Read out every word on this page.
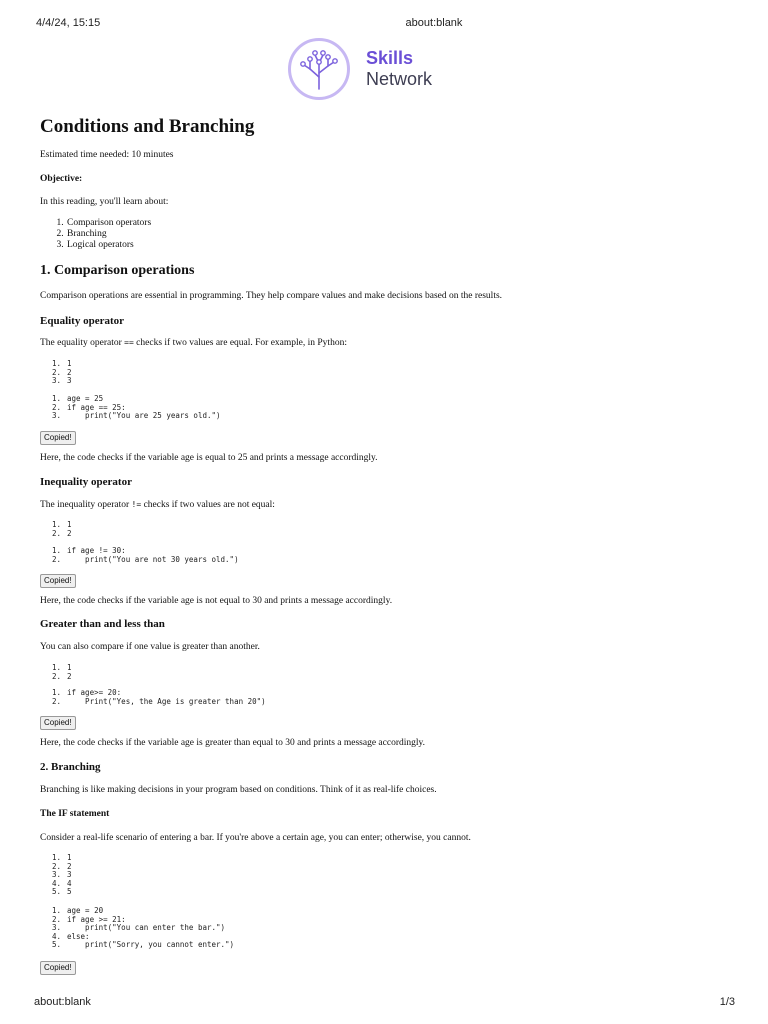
4/4/24, 15:15	about:blank
about:blank	1/3
Skills
Network
Conditions and Branching
Estimated time needed: 10 minutes
Objective:
In this reading, you'll learn about:
1. Comparison operators
2. Branching
3. Logical operators
1. Comparison operations
Comparison operations are essential in programming. They help compare values and make decisions based on the results.
Equality operator
The equality operator == checks if two values are equal. For example, in Python:
1. 1
2. 2
3. 3
1. age = 25
2. if age == 25:
3.    print("You are 25 years old.")
Copied!
Here, the code checks if the variable age is equal to 25 and prints a message accordingly.
Inequality operator
The inequality operator != checks if two values are not equal:
1. 1
2. 2
1. if age != 30:
2.    print("You are not 30 years old.")
Copied!
Here, the code checks if the variable age is not equal to 30 and prints a message accordingly.
Greater than and less than
You can also compare if one value is greater than another.
1. 1
2. 2
1. if age>= 20:
2.    Print("Yes, the Age is greater than 20")
Copied!
Here, the code checks if the variable age is greater than equal to 30 and prints a message accordingly.
2. Branching
Branching is like making decisions in your program based on conditions. Think of it as real-life choices.
The IF statement
Consider a real-life scenario of entering a bar. If you're above a certain age, you can enter; otherwise, you cannot.
1. 1
2. 2
3. 3
4. 4
5. 5
1. age = 20
2. if age >= 21:
3.    print("You can enter the bar.")
4. else:
5.    print("Sorry, you cannot enter.")
Copied!
